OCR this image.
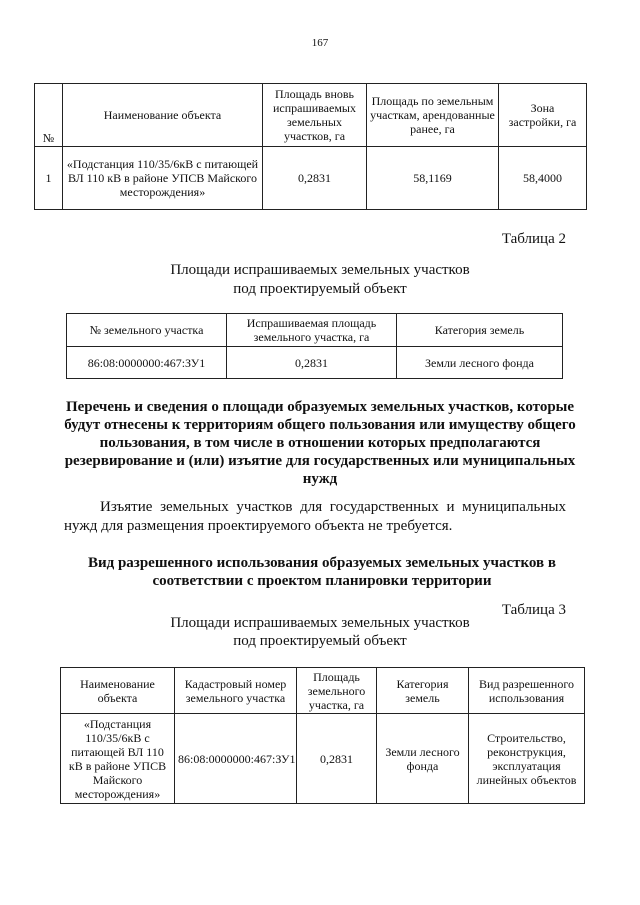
167
№	Наименование объекта	Площадь вновь испрашиваемых земельных участков, га	Площадь по земельным участкам, арендованные ранее, га	Зона застройки, га
1	«Подстанция 110/35/6кВ с питающей ВЛ 110 кВ в районе УПСВ Майского месторождения»	0,2831	58,1169	58,4000
Таблица 2
Площади испрашиваемых земельных участков
под проектируемый объект
№ земельного участка	Испрашиваемая площадь земельного участка, га	Категория земель
86:08:0000000:467:ЗУ1	0,2831	Земли лесного фонда
Перечень и сведения о площади образуемых земельных участков, которые будут отнесены к территориям общего пользования или имуществу общего пользования, в том числе в отношении которых предполагаются резервирование и (или) изъятие для государственных или муниципальных нужд
Изъятие земельных участков для государственных и муниципальных нужд для размещения проектируемого объекта не требуется.
Вид разрешенного использования образуемых земельных участков в соответствии с проектом планировки территории
Таблица 3
Площади испрашиваемых земельных участков
под проектируемый объект
Наименование объекта	Кадастровый номер земельного участка	Площадь земельного участка, га	Категория земель	Вид разрешенного использования
«Подстанция 110/35/6кВ с питающей ВЛ 110 кВ в районе УПСВ Майского месторождения»	86:08:0000000:467:ЗУ1	0,2831	Земли лесного фонда	Строительство, реконструкция, эксплуатация линейных объектов
